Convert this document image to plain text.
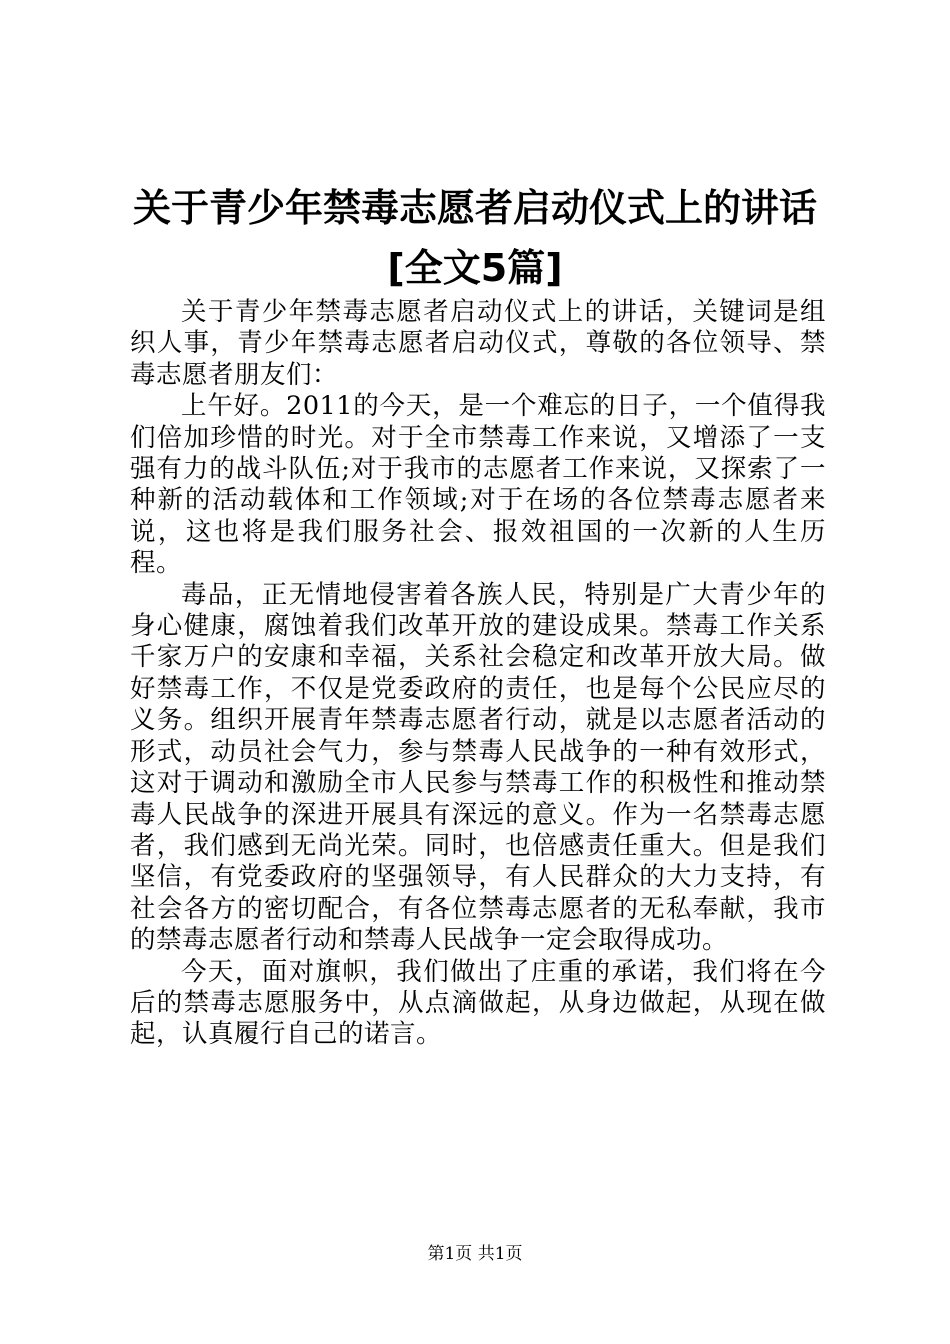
关于青少年禁毒志愿者启动仪式上的讲话[全文5篇]

关于青少年禁毒志愿者启动仪式上的讲话，关键词是组织人事，青少年禁毒志愿者启动仪式，尊敬的各位领导、禁毒志愿者朋友们：

上午好。2011的今天，是一个难忘的日子，一个值得我们倍加珍惜的时光。对于全市禁毒工作来说，又增添了一支强有力的战斗队伍;对于我市的志愿者工作来说，又探索了一种新的活动载体和工作领域;对于在场的各位禁毒志愿者来说，这也将是我们服务社会、报效祖国的一次新的人生历程。

毒品，正无情地侵害着各族人民，特别是广大青少年的身心健康，腐蚀着我们改革开放的建设成果。禁毒工作关系千家万户的安康和幸福，关系社会稳定和改革开放大局。做好禁毒工作，不仅是党委政府的责任，也是每个公民应尽的义务。组织开展青年禁毒志愿者行动，就是以志愿者活动的形式，动员社会气力，参与禁毒人民战争的一种有效形式，这对于调动和激励全市人民参与禁毒工作的积极性和推动禁毒人民战争的深进开展具有深远的意义。作为一名禁毒志愿者，我们感到无尚光荣。同时，也倍感责任重大。但是我们坚信，有党委政府的坚强领导，有人民群众的大力支持，有社会各方的密切配合，有各位禁毒志愿者的无私奉献，我市的禁毒志愿者行动和禁毒人民战争一定会取得成功。

今天，面对旗帜，我们做出了庄重的承诺，我们将在今后的禁毒志愿服务中，从点滴做起，从身边做起，从现在做起，认真履行自己的诺言。

第1页 共1页
